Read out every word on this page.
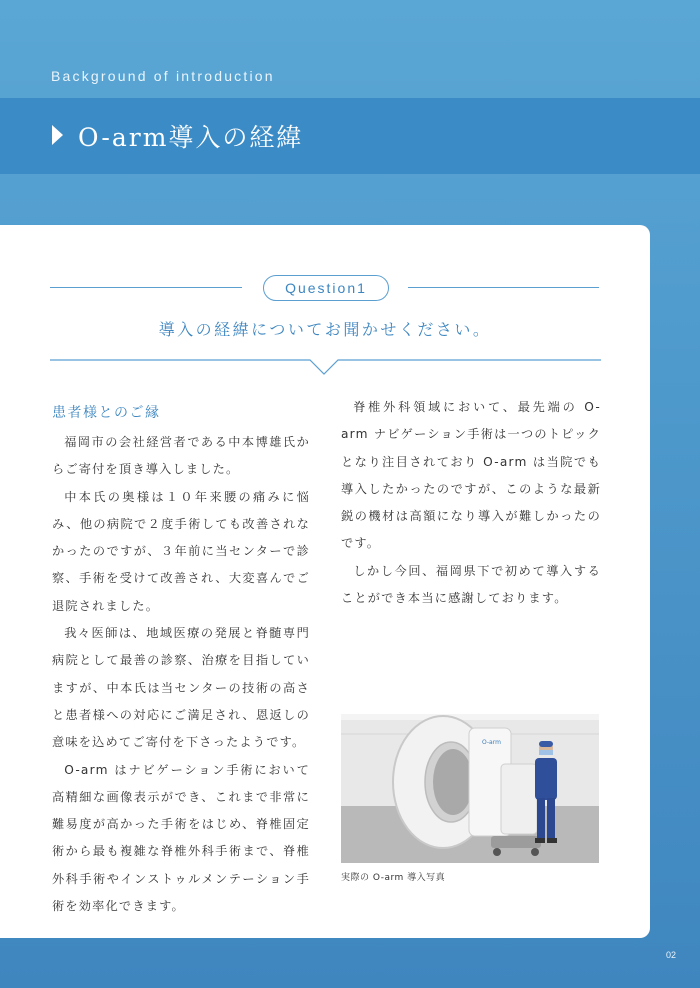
Background of introduction
O-arm導入の経緯
Question1
導入の経緯についてお聞かせください。
患者様とのご縁

福岡市の会社経営者である中本博雄氏からご寄付を頂き導入しました。

中本氏の奥様は１０年来腰の痛みに悩み、他の病院で２度手術しても改善されなかったのですが、３年前に当センターで診察、手術を受けて改善され、大変喜んでご退院されました。

我々医師は、地域医療の発展と脊髄専門病院として最善の診察、治療を目指していますが、中本氏は当センターの技術の高さと患者様への対応にご満足され、恩返しの意味を込めてご寄付を下さったようです。

O-arm はナビゲーション手術において高精細な画像表示ができ、これまで非常に難易度が高かった手術をはじめ、脊椎固定術から最も複雑な脊椎外科手術まで、脊椎外科手術やインストゥルメンテーション手術を効率化できます。

脊椎外科領域において、最先端の O-arm ナビゲーション手術は一つのトピックとなり注目されており O-arm は当院でも導入したかったのですが、このような最新鋭の機材は高額になり導入が難しかったのです。

しかし今回、福岡県下で初めて導入することができ本当に感謝しております。

O-arm
実際の O-arm 導入写真
02
